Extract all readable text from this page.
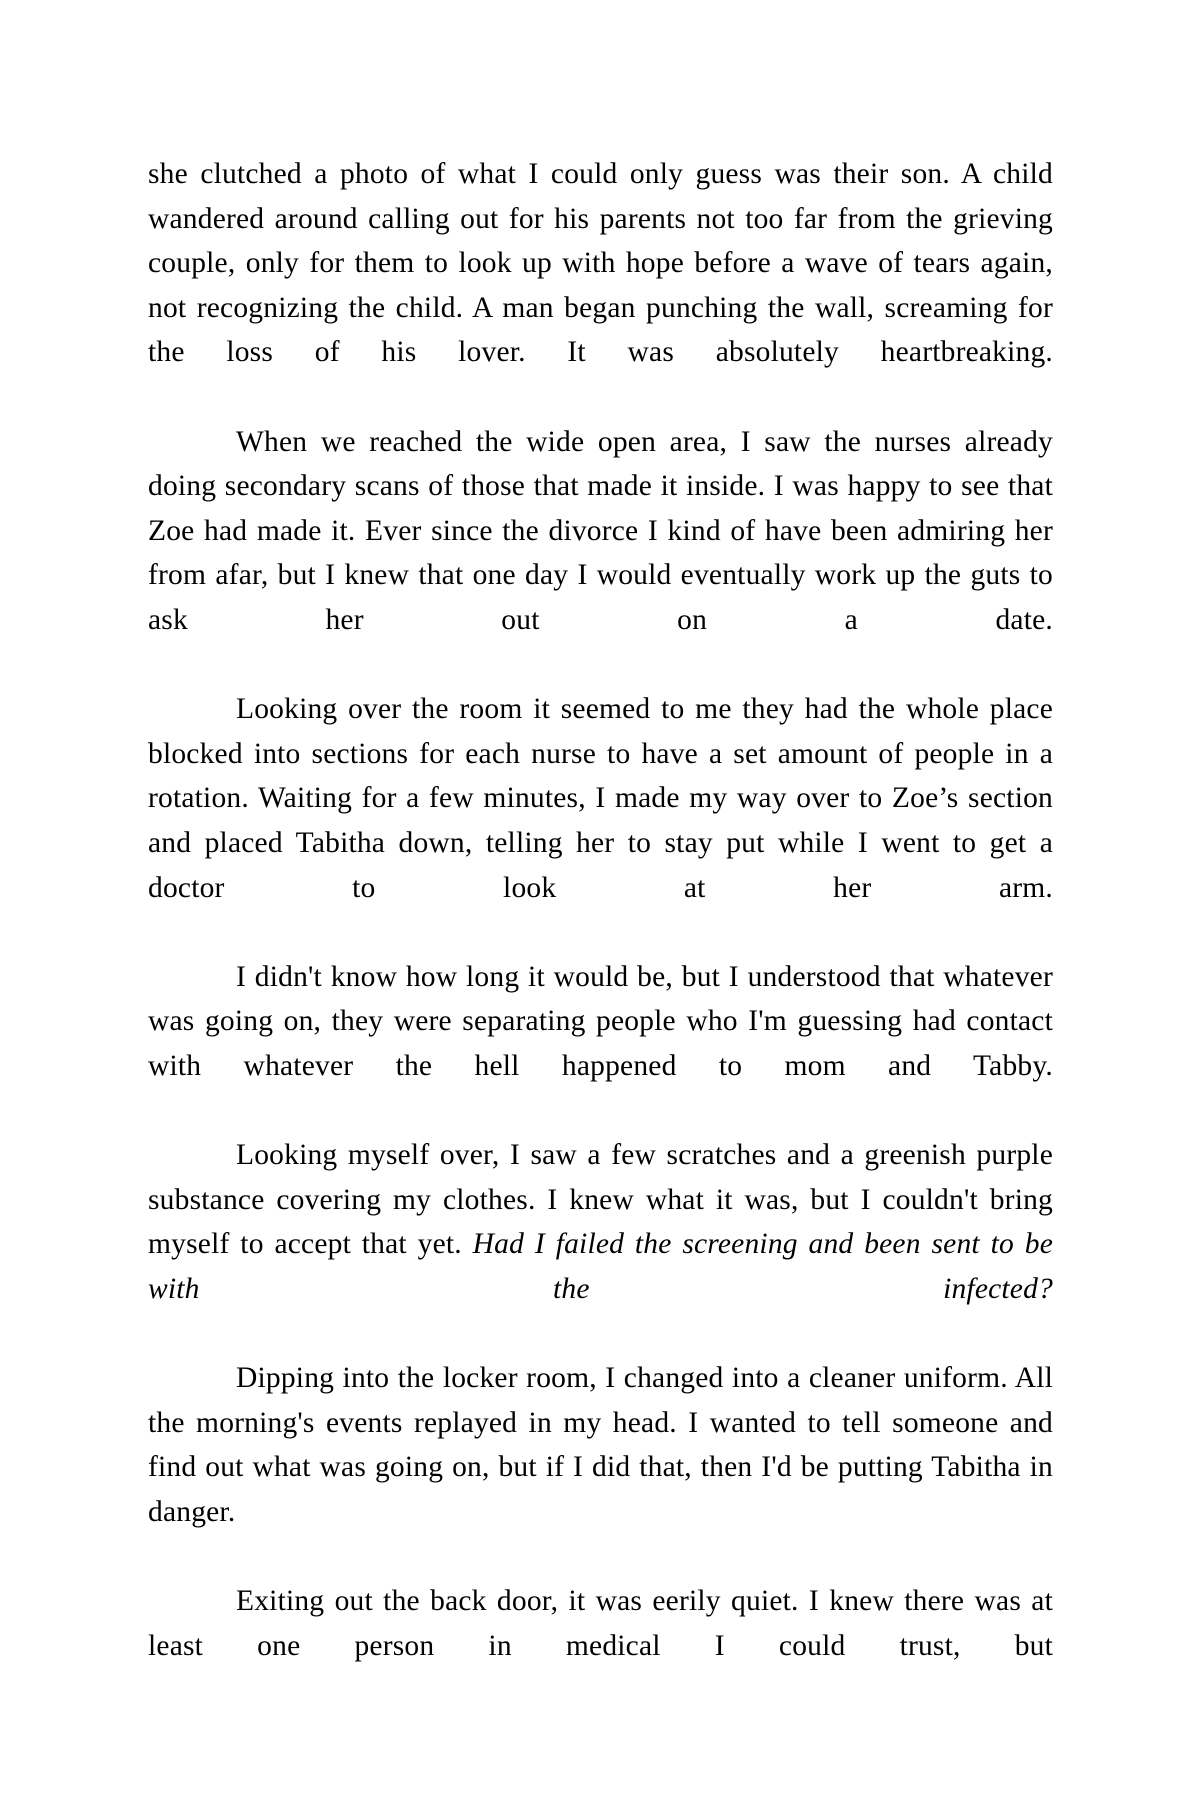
she clutched a photo of what I could only guess was their son. A child wandered around calling out for his parents not too far from the grieving couple, only for them to look up with hope before a wave of tears again, not recognizing the child. A man began punching the wall, screaming for the loss of his lover. It was absolutely heartbreaking.

When we reached the wide open area, I saw the nurses already doing secondary scans of those that made it inside. I was happy to see that Zoe had made it. Ever since the divorce I kind of have been admiring her from afar, but I knew that one day I would eventually work up the guts to ask her out on a date.

Looking over the room it seemed to me they had the whole place blocked into sections for each nurse to have a set amount of people in a rotation. Waiting for a few minutes, I made my way over to Zoe’s section and placed Tabitha down, telling her to stay put while I went to get a doctor to look at her arm.

I didn't know how long it would be, but I understood that whatever was going on, they were separating people who I'm guessing had contact with whatever the hell happened to mom and Tabby.

Looking myself over, I saw a few scratches and a greenish purple substance covering my clothes. I knew what it was, but I couldn't bring myself to accept that yet. Had I failed the screening and been sent to be with the infected?

Dipping into the locker room, I changed into a cleaner uniform. All the morning's events replayed in my head. I wanted to tell someone and find out what was going on, but if I did that, then I'd be putting Tabitha in danger.

Exiting out the back door, it was eerily quiet. I knew there was at least one person in medical I could trust, but
